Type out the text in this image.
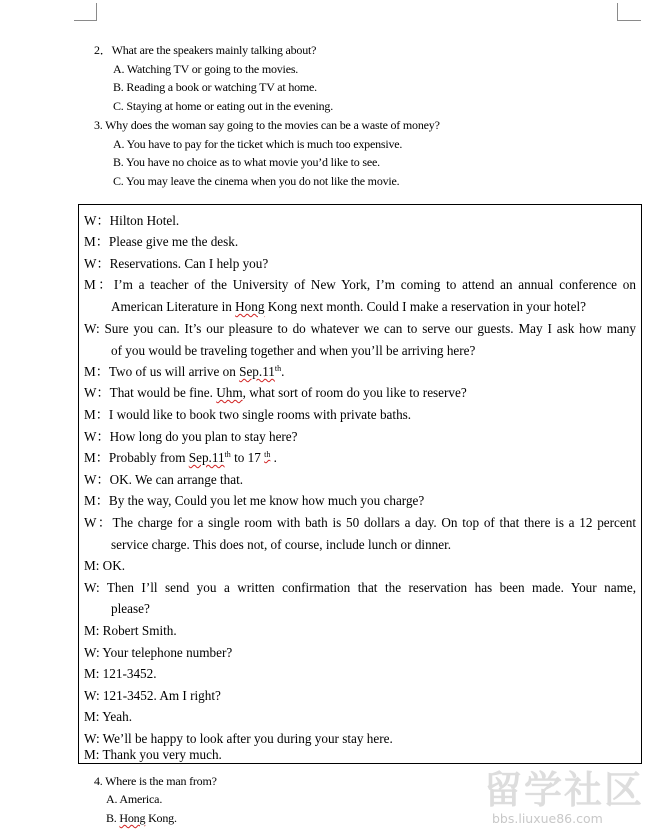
2．What are the speakers mainly talking about?
A. Watching TV or going to the movies.
B. Reading a book or watching TV at home.
C. Staying at home or eating out in the evening.
3. Why does the woman say going to the movies can be a waste of money?
A. You have to pay for the ticket which is much too expensive.
B. You have no choice as to what movie you’d like to see.
C. You may leave the cinema when you do not like the movie.
W：Hilton Hotel.
M：Please give me the desk.
W：Reservations. Can I help you?
M：I’m a teacher of the University of New York, I’m coming to attend an annual conference on
American Literature in Hong Kong next month. Could I make a reservation in your hotel?
W: Sure you can. It’s our pleasure to do whatever we can to serve our guests. May I ask how many
of you would be traveling together and when you’ll be arriving here?
M：Two of us will arrive on Sep.11th.
W：That would be fine. Uhm, what sort of room do you like to reserve?
M：I would like to book two single rooms with private baths.
W：How long do you plan to stay here?
M：Probably from Sep.11th to 17 $^{th}$ .
W：OK. We can arrange that.
M：By the way, Could you let me know how much you charge?
W：The charge for a single room with bath is 50 dollars a day. On top of that there is a 12 percent
service charge. This does not, of course, include lunch or dinner.
M: OK.
W: Then I’ll send you a written confirmation that the reservation has been made. Your name,
please?
M: Robert Smith.
W: Your telephone number?
M: 121-3452.
W: 121-3452. Am I right?
M: Yeah.
W: We’ll be happy to look after you during your stay here.
M: Thank you very much.
4. Where is the man from?
A. America.
B. Hong Kong.
留学社区
bbs.liuxue86.com
